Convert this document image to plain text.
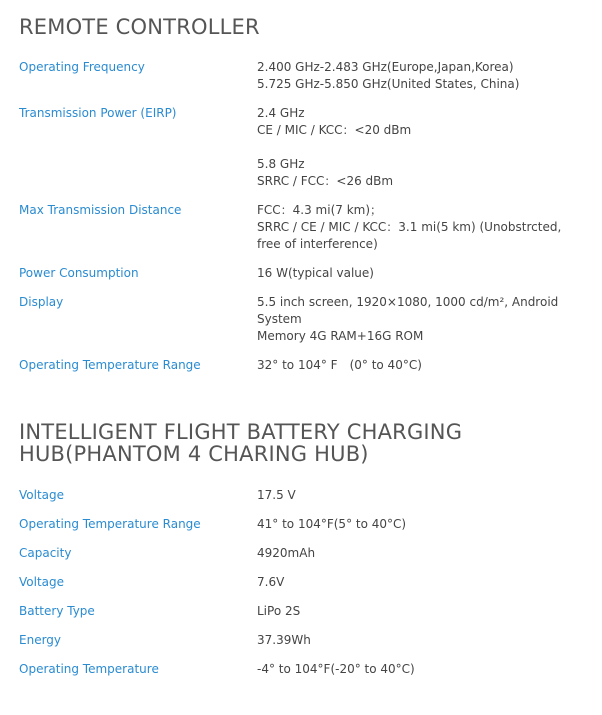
REMOTE CONTROLLER
Operating Frequency	2.400 GHz-2.483 GHz(Europe,Japan,Korea)
5.725 GHz-5.850 GHz(United States, China)
Transmission Power (EIRP)	2.4 GHz
CE / MIC / KCC：<20 dBm

5.8 GHz
SRRC / FCC：<26 dBm
Max Transmission Distance	FCC：4.3 mi(7 km)；
SRRC / CE / MIC / KCC：3.1 mi(5 km) (Unobstrcted, free of interference)
Power Consumption	16 W(typical value)
Display	5.5 inch screen, 1920×1080, 1000 cd/m², Android System
Memory 4G RAM+16G ROM
Operating Temperature Range	32° to 104° F　(0° to 40°C)
INTELLIGENT FLIGHT BATTERY CHARGING HUB(PHANTOM 4 CHARING HUB)
Voltage	17.5 V
Operating Temperature Range	41° to 104°F(5° to 40°C)
Capacity	4920mAh
Voltage	7.6V
Battery Type	LiPo 2S
Energy	37.39Wh
Operating Temperature	-4° to 104°F(-20° to 40°C)
